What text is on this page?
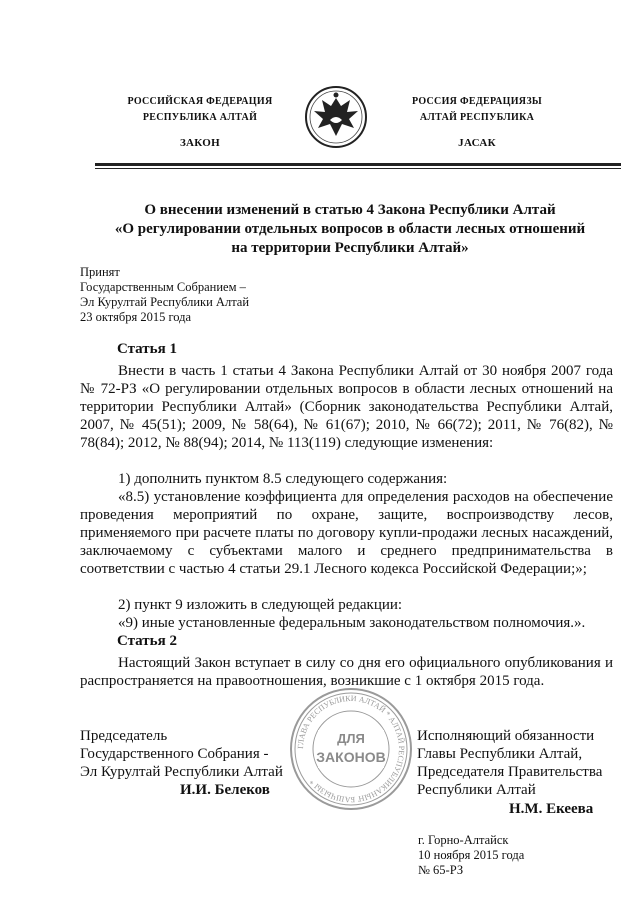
РОССИЙСКАЯ ФЕДЕРАЦИЯ
РЕСПУБЛИКА АЛТАЙ
ЗАКОН
РОССИЯ ФЕДЕРАЦИЯЗЫ
АЛТАЙ РЕСПУБЛИКА
JАСАК
О внесении изменений в статью 4 Закона Республики Алтай
«О регулировании отдельных вопросов в области лесных отношений
на территории Республики Алтай»
Принят
Государственным Собранием –
Эл Курултай Республики Алтай
23 октября 2015 года
Статья 1
Внести в часть 1 статьи 4 Закона Республики Алтай от 30 ноября 2007 года № 72-РЗ «О регулировании отдельных вопросов в области лесных отношений на территории Республики Алтай» (Сборник законодательства Республики Алтай, 2007, № 45(51); 2009, № 58(64), № 61(67); 2010, № 66(72); 2011, № 76(82), № 78(84); 2012, № 88(94); 2014, № 113(119) следующие изменения:
1) дополнить пунктом 8.5 следующего содержания:
«8.5) установление коэффициента для определения расходов на обеспечение проведения мероприятий по охране, защите, воспроизводству лесов, применяемого при расчете платы по договору купли-продажи лесных насаждений, заключаемому с субъектами малого и среднего предпринимательства в соответствии с частью 4 статьи 29.1 Лесного кодекса Российской Федерации;»;
2) пункт 9 изложить в следующей редакции:
«9) иные установленные федеральным законодательством полномочия.».
Статья 2
Настоящий Закон вступает в силу со дня его официального опубликования и распространяется на правоотношения, возникшие с 1 октября 2015 года.
Председатель
Государственного Собрания -
Эл Курултай Республики Алтай
И.И. Белеков
Исполняющий обязанности
Главы Республики Алтай,
Председателя Правительства
Республики Алтай
Н.М. Екеева
ГЛАВА РЕСПУБЛИКИ АЛТАЙ * АЛТАЙ РЕСПУБЛИКАНЫҤ БАШЧЫЗЫ *
ДЛЯ
ЗАКОНОВ
г. Горно-Алтайск
10 ноября 2015 года
№ 65-РЗ
